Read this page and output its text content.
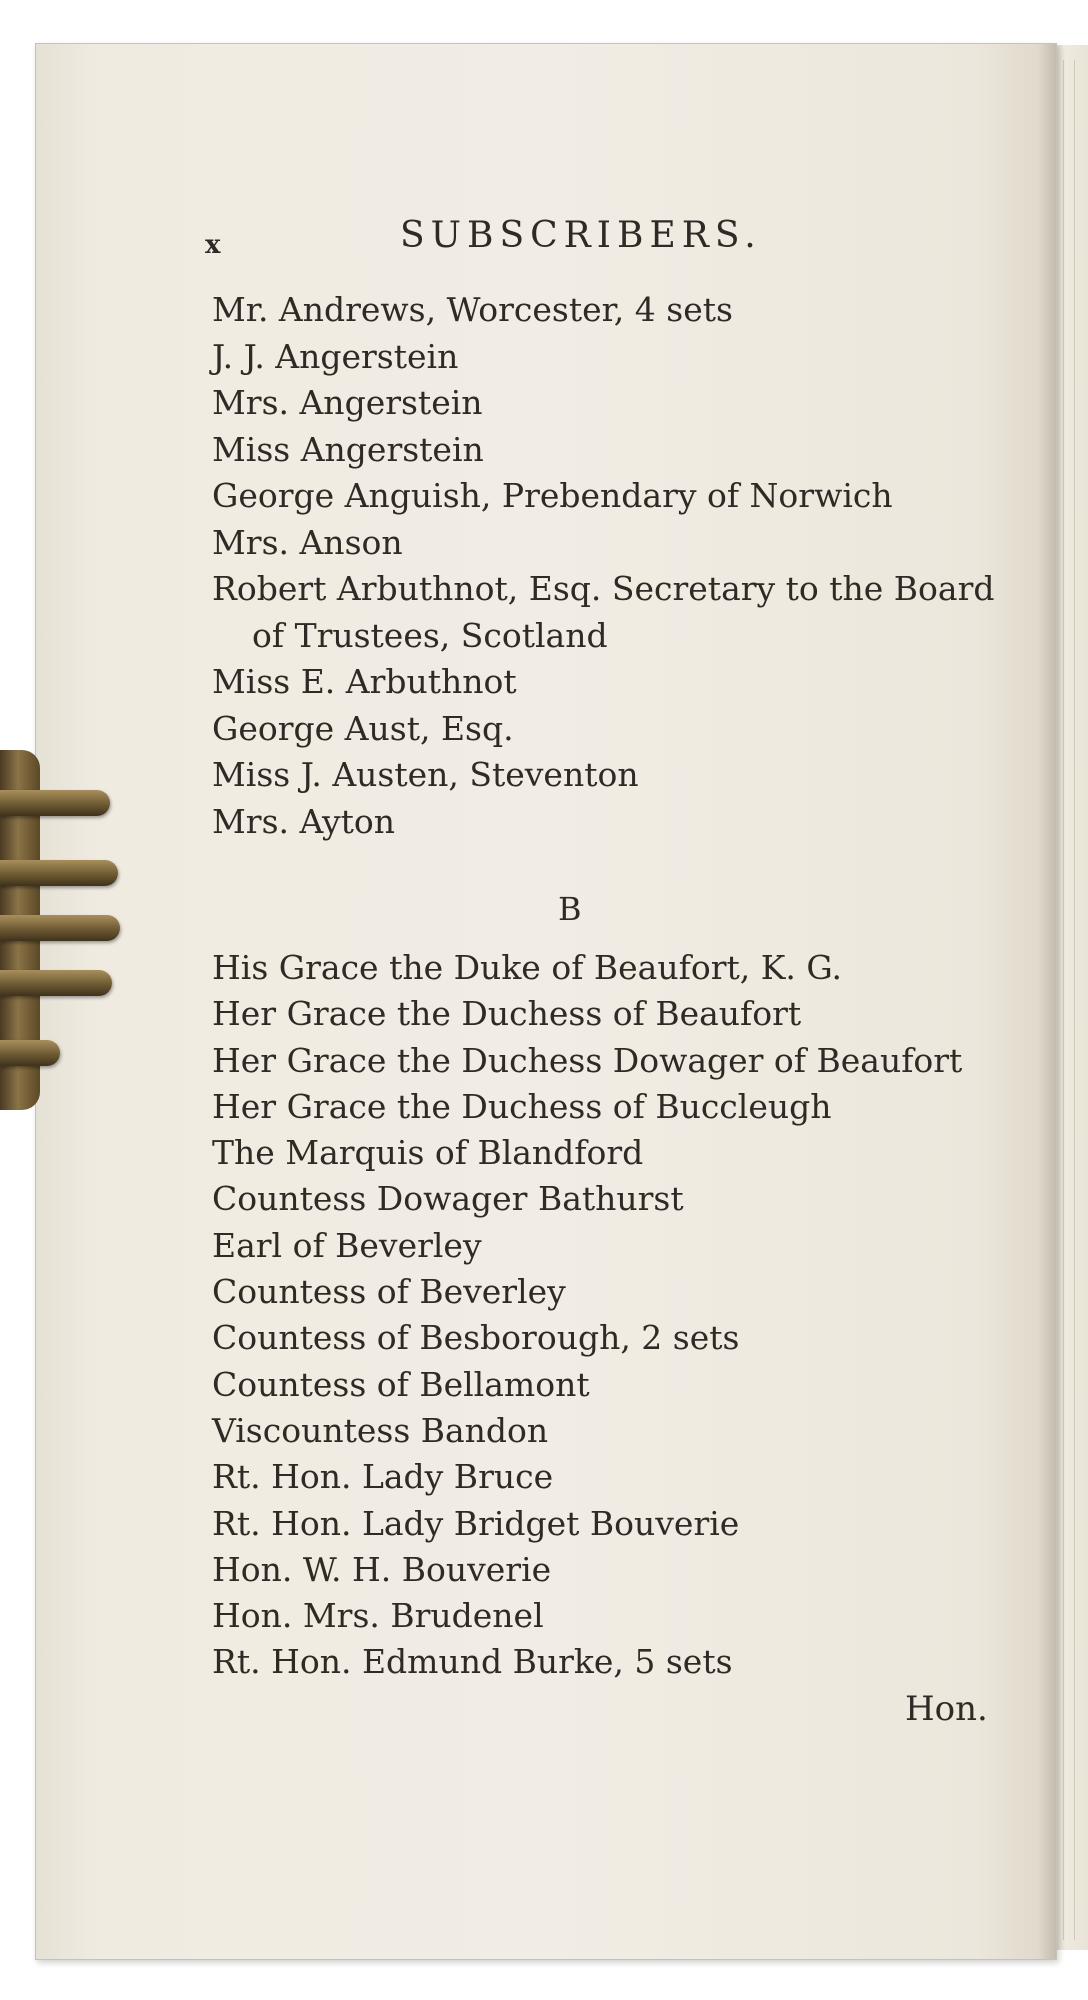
x	SUBSCRIBERS.
Mr. Andrews, Worcester, 4 sets
J. J. Angerstein
Mrs. Angerstein
Miss Angerstein
George Anguish, Prebendary of Norwich
Mrs. Anson
Robert Arbuthnot, Esq. Secretary to the Board
of Trustees, Scotland
Miss E. Arbuthnot
George Aust, Esq.
Miss J. Austen, Steventon
Mrs. Ayton
B
His Grace the Duke of Beaufort, K. G.
Her Grace the Duchess of Beaufort
Her Grace the Duchess Dowager of Beaufort
Her Grace the Duchess of Buccleugh
The Marquis of Blandford
Countess Dowager Bathurst
Earl of Beverley
Countess of Beverley
Countess of Besborough, 2 sets
Countess of Bellamont
Viscountess Bandon
Rt. Hon. Lady Bruce
Rt. Hon. Lady Bridget Bouverie
Hon. W. H. Bouverie
Hon. Mrs. Brudenel
Rt. Hon. Edmund Burke, 5 sets
Hon.
